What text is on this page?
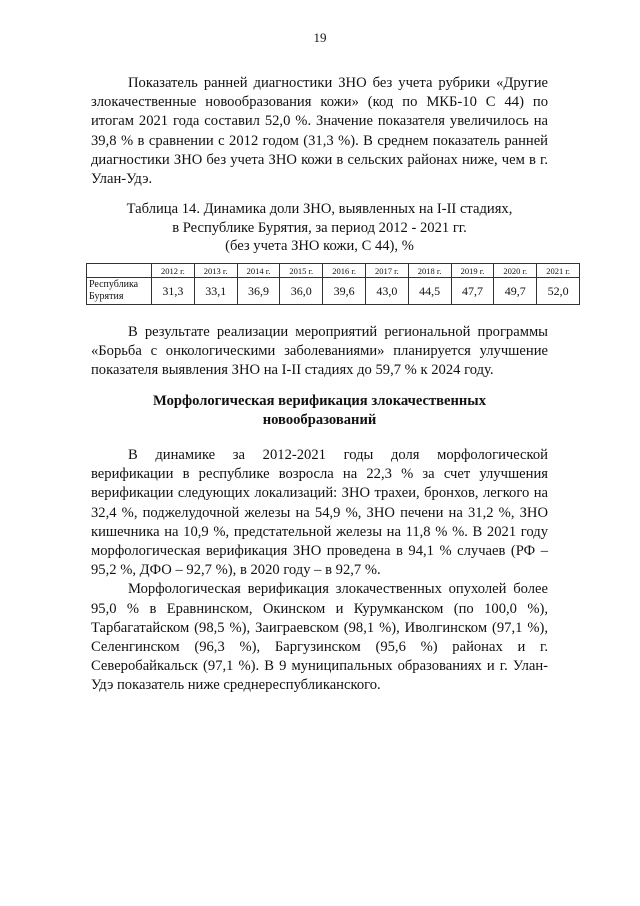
19

Показатель ранней диагностики ЗНО без учета рубрики «Другие злокачественные новообразования кожи» (код по МКБ-10 С 44) по итогам 2021 года составил 52,0 %. Значение показателя увеличилось на 39,8 % в сравнении с 2012 годом (31,3 %). В среднем показатель ранней диагностики ЗНО без учета ЗНО кожи в сельских районах ниже, чем в г. Улан-Удэ.

Таблица 14. Динамика доли ЗНО, выявленных на I-II стадиях,
в Республике Бурятия, за период 2012 - 2021 гг.
(без учета ЗНО кожи, С 44), %
	2012 г.	2013 г.	2014 г.	2015 г.	2016 г.	2017 г.	2018 г.	2019 г.	2020 г.	2021 г.
Республика Бурятия	31,3	33,1	36,9	36,0	39,6	43,0	44,5	47,7	49,7	52,0

В результате реализации мероприятий региональной программы «Борьба с онкологическими заболеваниями» планируется улучшение показателя выявления ЗНО на I-II стадиях до 59,7 % к 2024 году.

Морфологическая верификация злокачественных
новообразований

В динамике за 2012-2021 годы доля морфологической верификации в республике возросла на 22,3 % за счет улучшения верификации следующих локализаций: ЗНО трахеи, бронхов, легкого на 32,4 %, поджелудочной железы на 54,9 %, ЗНО печени на 31,2 %, ЗНО кишечника на 10,9 %, предстательной железы на 11,8 % %. В 2021 году морфологическая верификация ЗНО проведена в 94,1 % случаев (РФ – 95,2 %, ДФО – 92,7 %), в 2020 году – в 92,7 %.

Морфологическая верификация злокачественных опухолей более 95,0 % в Еравнинском, Окинском и Курумканском (по 100,0 %), Тарбагатайском (98,5 %), Заиграевском (98,1 %), Иволгинском (97,1 %), Селенгинском (96,3 %), Баргузинском (95,6 %) районах и г. Северобайкальск (97,1 %). В 9 муниципальных образованиях и г. Улан-Удэ показатель ниже среднереспубликанского.
